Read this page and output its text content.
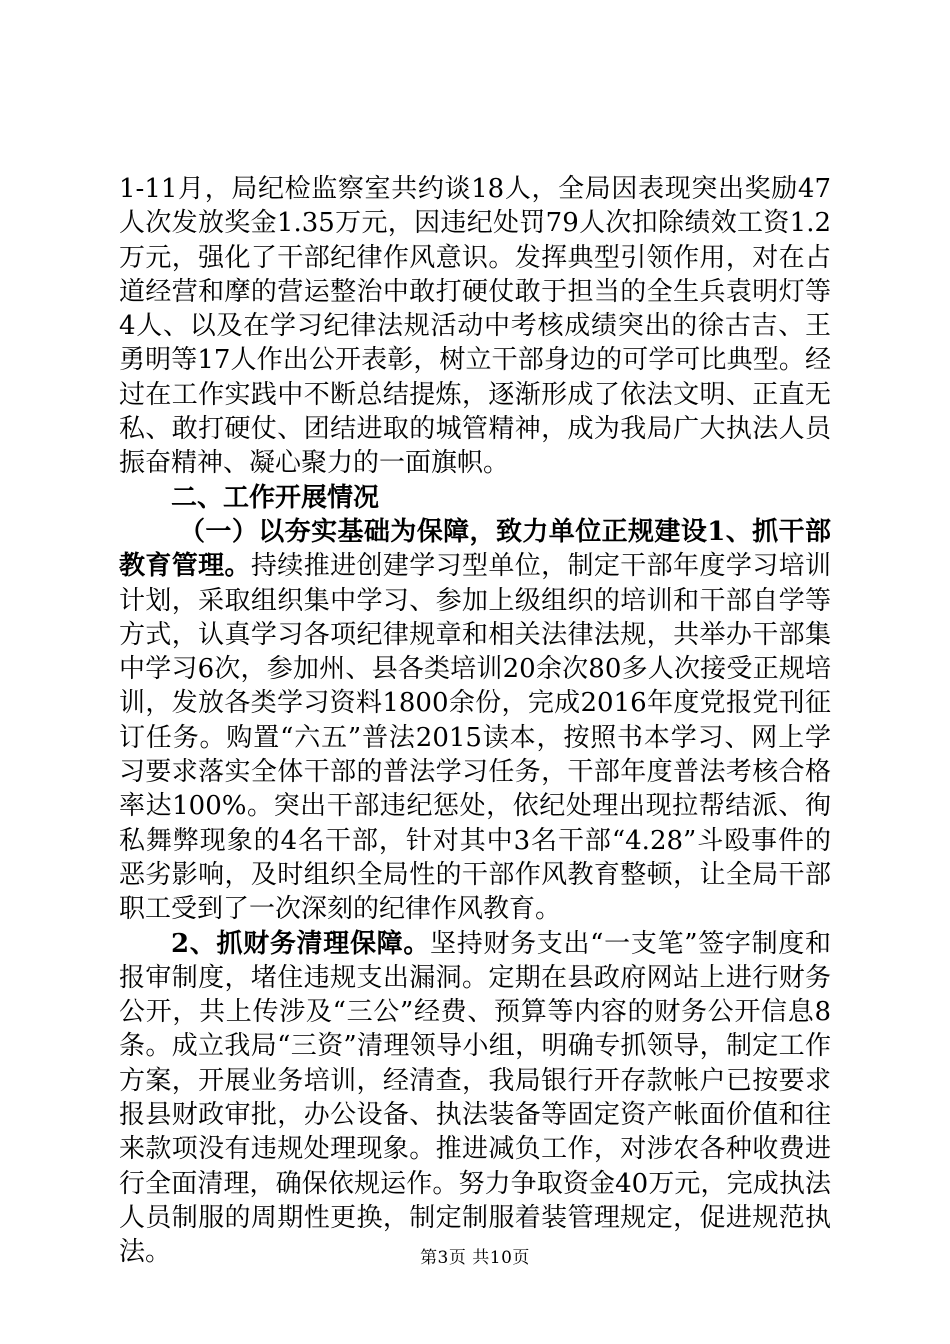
1-11月，局纪检监察室共约谈18人，全局因表现突出奖励47人次发放奖金1.35万元，因违纪处罚79人次扣除绩效工资1.2万元，强化了干部纪律作风意识。发挥典型引领作用，对在占道经营和摩的营运整治中敢打硬仗敢于担当的全生兵袁明灯等4人、以及在学习纪律法规活动中考核成绩突出的徐古吉、王勇明等17人作出公开表彰，树立干部身边的可学可比典型。经过在工作实践中不断总结提炼，逐渐形成了依法文明、正直无私、敢打硬仗、团结进取的城管精神，成为我局广大执法人员振奋精神、凝心聚力的一面旗帜。

二、工作开展情况

（一）以夯实基础为保障，致力单位正规建设1、抓干部教育管理。持续推进创建学习型单位，制定干部年度学习培训计划，采取组织集中学习、参加上级组织的培训和干部自学等方式，认真学习各项纪律规章和相关法律法规，共举办干部集中学习6次，参加州、县各类培训20余次80多人次接受正规培训，发放各类学习资料1800余份，完成2016年度党报党刊征订任务。购置“六五”普法2015读本，按照书本学习、网上学习要求落实全体干部的普法学习任务，干部年度普法考核合格率达100%。突出干部违纪惩处，依纪处理出现拉帮结派、徇私舞弊现象的4名干部，针对其中3名干部“4.28”斗殴事件的恶劣影响，及时组织全局性的干部作风教育整顿，让全局干部职工受到了一次深刻的纪律作风教育。

2、抓财务清理保障。坚持财务支出“一支笔”签字制度和报审制度，堵住违规支出漏洞。定期在县政府网站上进行财务公开，共上传涉及“三公”经费、预算等内容的财务公开信息8条。成立我局“三资”清理领导小组，明确专抓领导，制定工作方案，开展业务培训，经清查，我局银行开存款帐户已按要求报县财政审批，办公设备、执法装备等固定资产帐面价值和往来款项没有违规处理现象。推进减负工作，对涉农各种收费进行全面清理，确保依规运作。努力争取资金40万元，完成执法人员制服的周期性更换，制定制服着装管理规定，促进规范执法。	第3页 共10页
